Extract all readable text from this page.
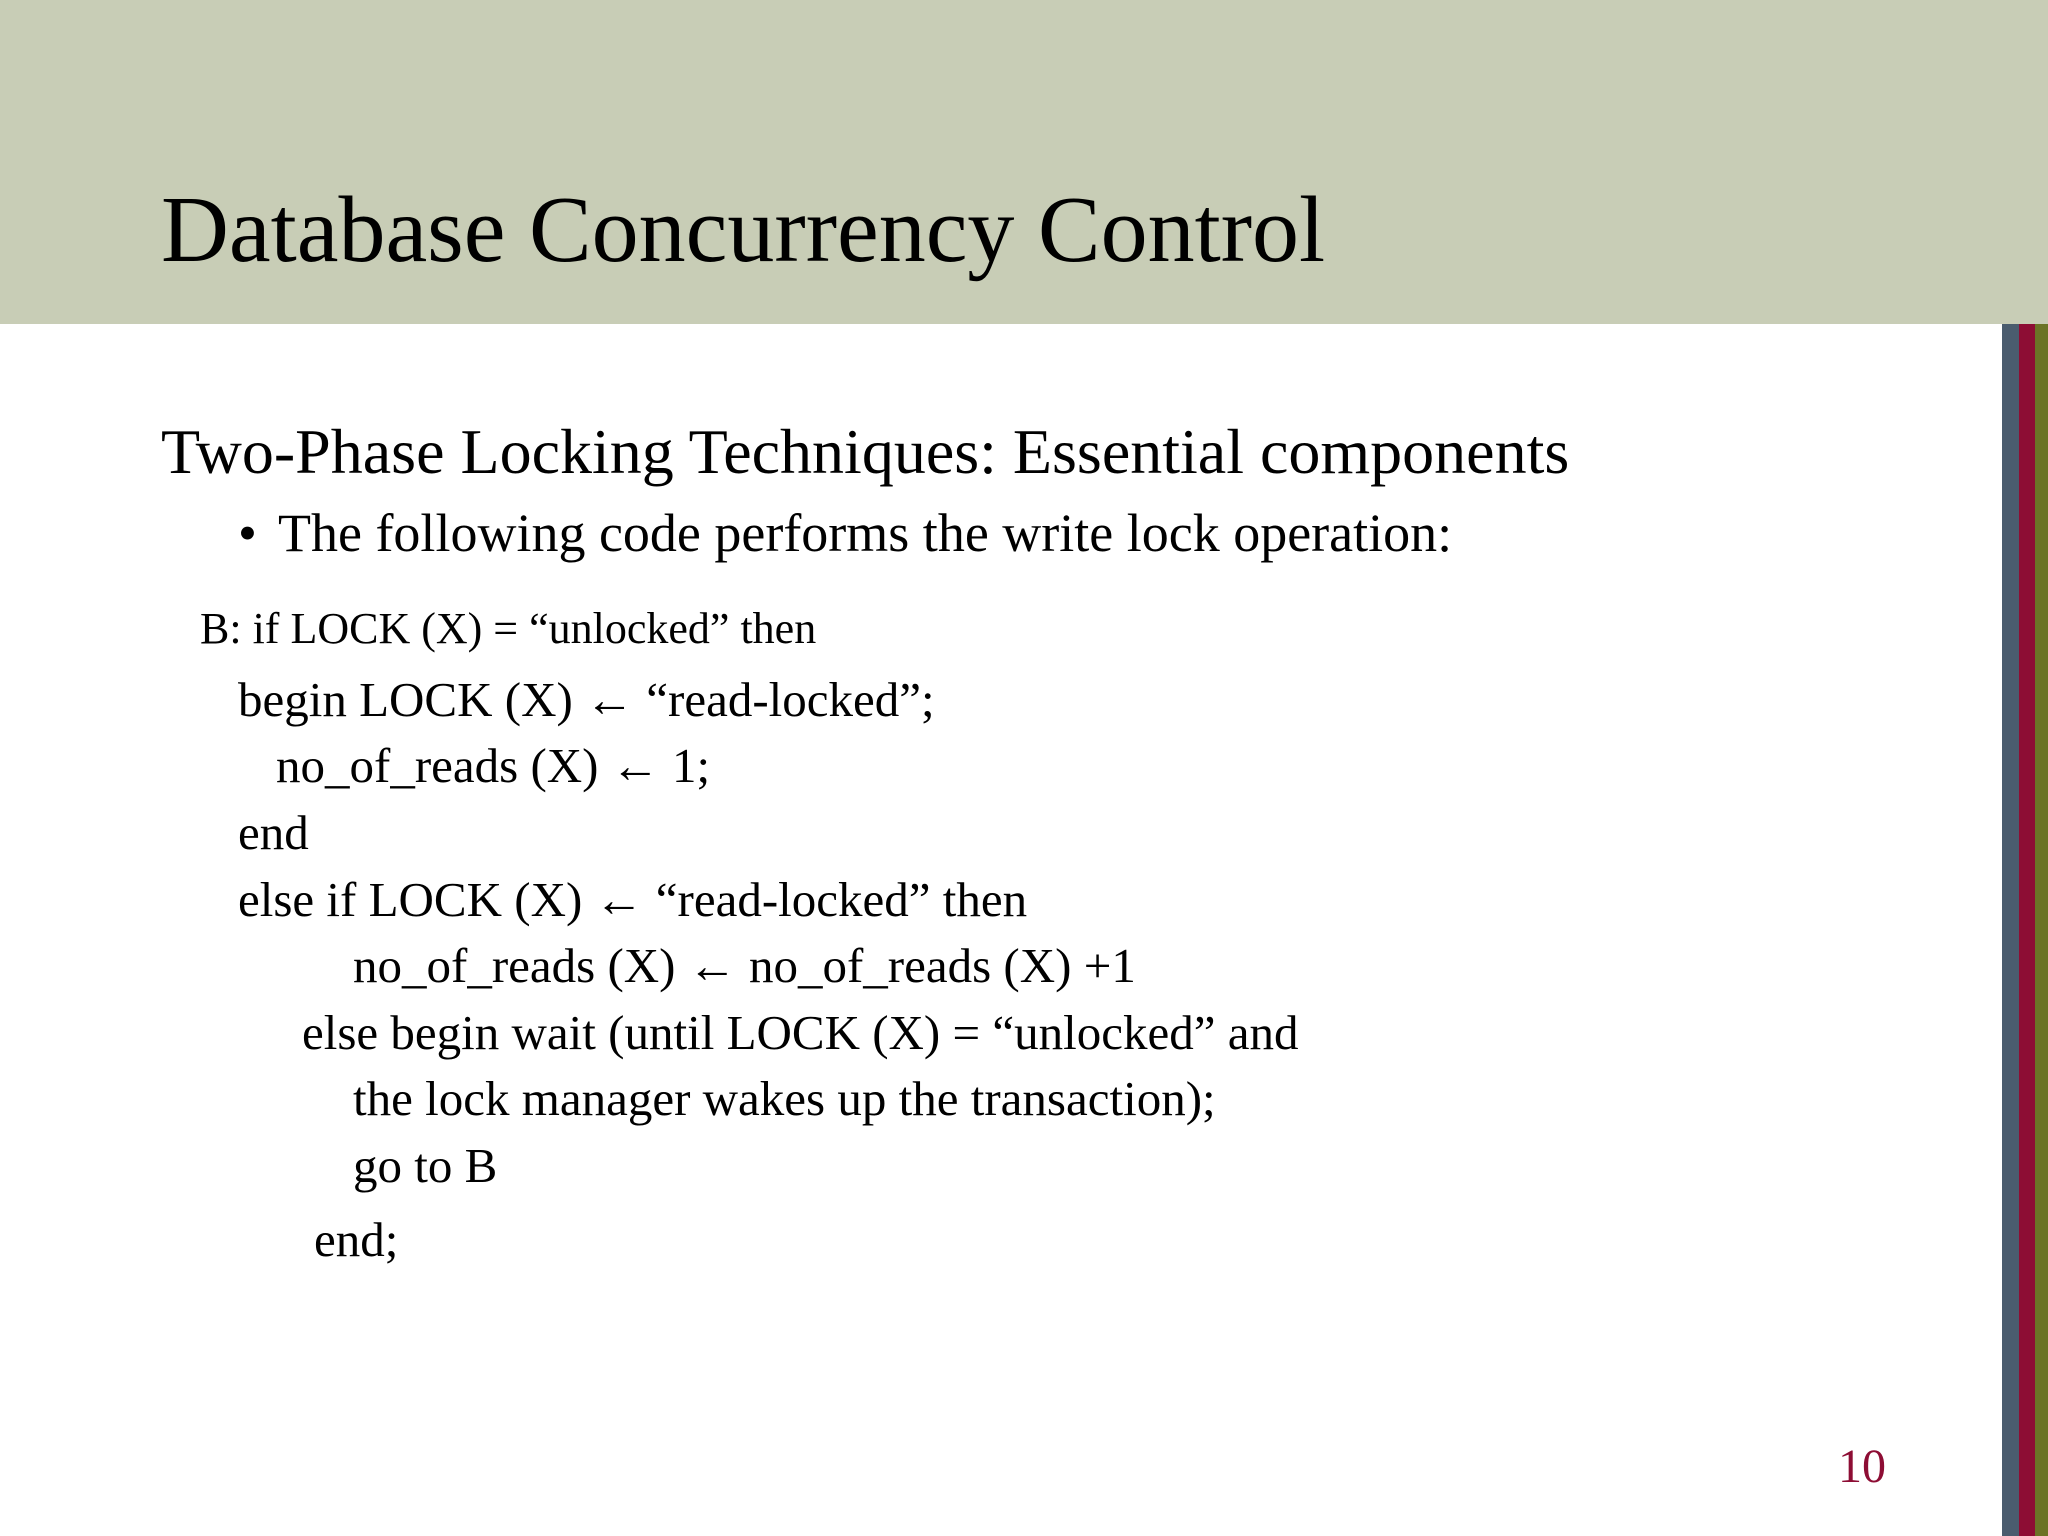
Database Concurrency Control
Two-Phase Locking Techniques: Essential components
• The following code performs the write lock operation:
B: if LOCK (X) = “unlocked” then
begin LOCK (X) ← “read-locked”;
no_of_reads (X) ← 1;
end
else if LOCK (X) ← “read-locked” then
no_of_reads (X) ← no_of_reads (X) +1
else begin wait (until LOCK (X) = “unlocked” and
the lock manager wakes up the transaction);
go to B
end;
10
